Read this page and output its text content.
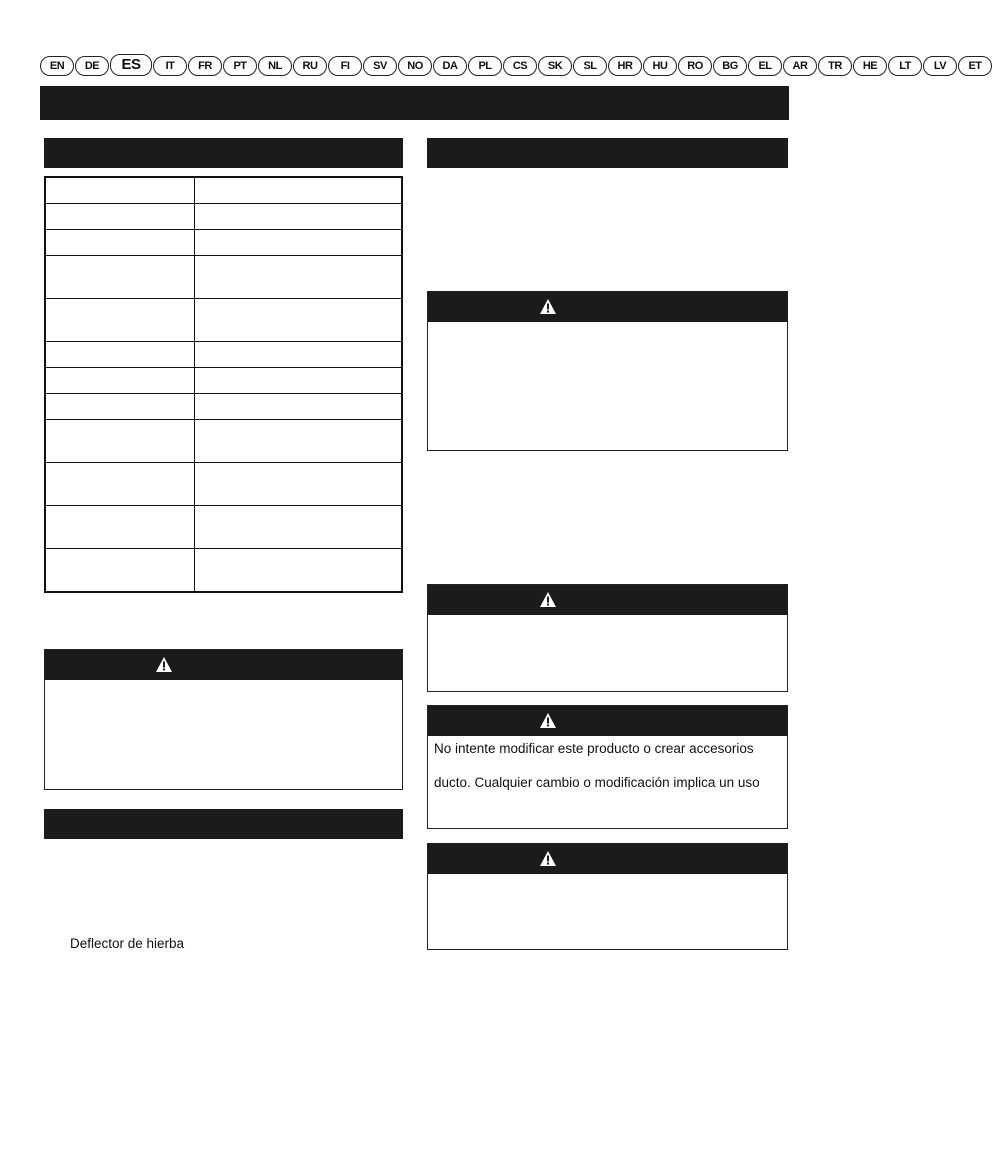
EN	DE	ES	IT	FR	PT	NL	RU	FI	SV	NO	DA	PL	CS	SK	SL	HR	HU	RO	BG	EL	AR	TR	HE	LT	LV	ET
Deflector de hierba
No intente modificar este producto o crear accesorios
ducto. Cualquier cambio o modificación implica un uso
